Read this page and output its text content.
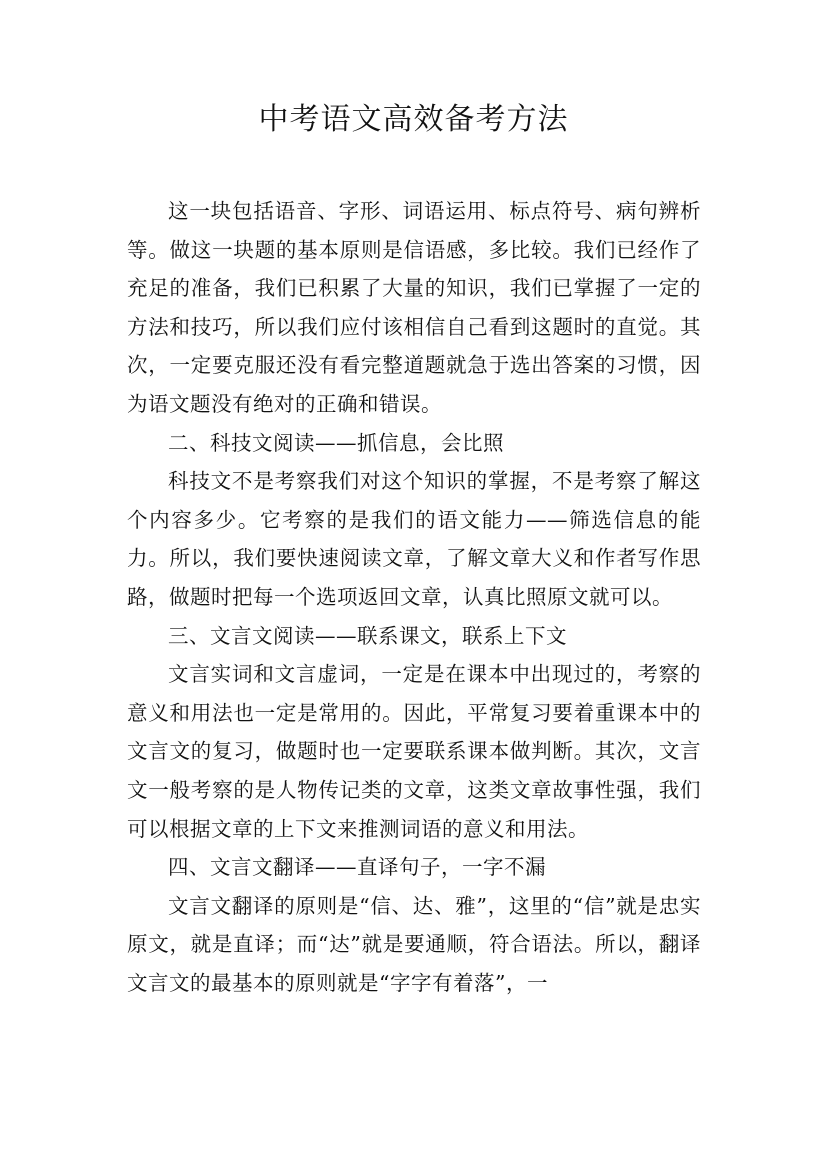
中考语文高效备考方法

这一块包括语音、字形、词语运用、标点符号、病句辨析等。做这一块题的基本原则是信语感，多比较。我们已经作了充足的准备，我们已积累了大量的知识，我们已掌握了一定的方法和技巧，所以我们应付该相信自己看到这题时的直觉。其次，一定要克服还没有看完整道题就急于选出答案的习惯，因为语文题没有绝对的正确和错误。

二、科技文阅读——抓信息，会比照

科技文不是考察我们对这个知识的掌握，不是考察了解这个内容多少。它考察的是我们的语文能力——筛选信息的能力。所以，我们要快速阅读文章，了解文章大义和作者写作思路，做题时把每一个选项返回文章，认真比照原文就可以。

三、文言文阅读——联系课文，联系上下文

文言实词和文言虚词，一定是在课本中出现过的，考察的意义和用法也一定是常用的。因此，平常复习要着重课本中的文言文的复习，做题时也一定要联系课本做判断。其次，文言文一般考察的是人物传记类的文章，这类文章故事性强，我们可以根据文章的上下文来推测词语的意义和用法。

四、文言文翻译——直译句子，一字不漏

文言文翻译的原则是“信、达、雅”，这里的“信”就是忠实原文，就是直译；而“达”就是要通顺，符合语法。所以，翻译文言文的最基本的原则就是“字字有着落”，一
